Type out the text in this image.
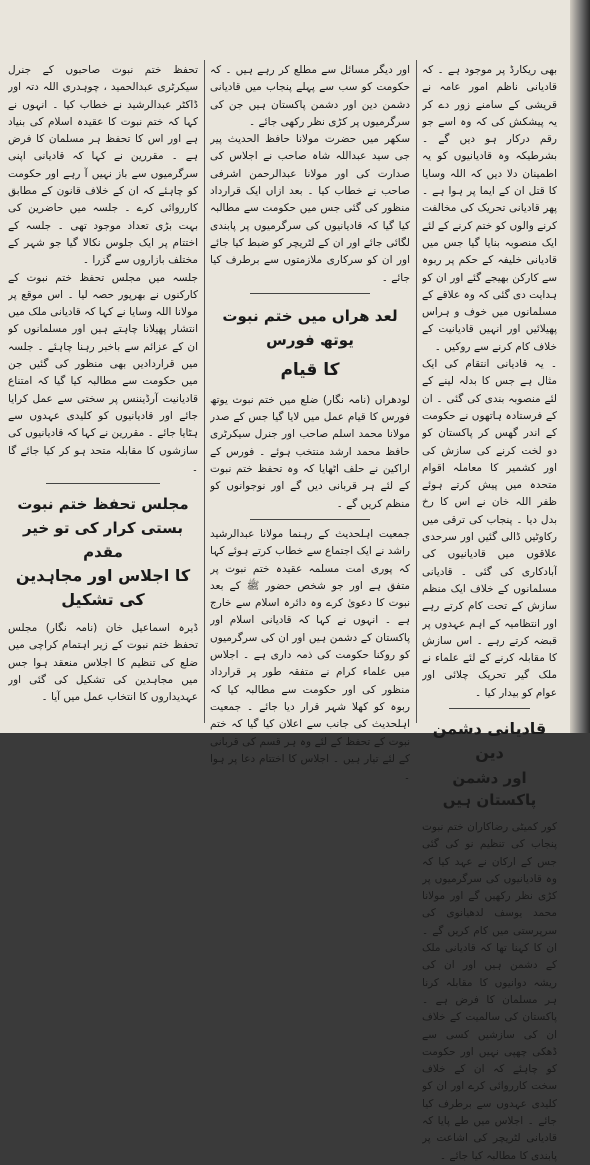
بھی ریکارڈ پر موجود ہے ۔ کہ قادیانی ناظم امور عامہ نے قریشی کے سامنے زور دے کر یہ پیشکش کی کہ وہ اسے جو رقم درکار ہو دیں گے ۔ بشرطیکہ وہ قادیانیوں کو یہ اطمینان دلا دیں کہ اللہ وسایا کا قتل ان کے ایما پر ہوا ہے ۔ پھر قادیانی تحریک کی مخالفت کرنے والوں کو ختم کرنے کے لئے ایک منصوبہ بنایا گیا جس میں قادیانی خلیفہ کے حکم پر ربوہ سے کارکن بھیجے گئے اور ان کو ہدایت دی گئی کہ وہ علاقے کے مسلمانوں میں خوف و ہراس پھیلائیں اور انہیں قادیانیت کے خلاف کام کرنے سے روکیں ۔

۔ یہ قادیانی انتقام کی ایک مثال ہے جس کا بدلہ لینے کے لئے منصوبہ بندی کی گئی ۔ ان کے فرستادہ ہاتھوں نے حکومت کے اندر گھس کر پاکستان کو دو لخت کرنے کی سازش کی اور کشمیر کا معاملہ اقوام متحدہ میں پیش کرتے ہوئے ظفر اللہ خان نے اس کا رخ بدل دیا ۔ پنجاب کی ترقی میں رکاوٹیں ڈالی گئیں اور سرحدی علاقوں میں قادیانیوں کی آبادکاری کی گئی ۔ قادیانی مسلمانوں کے خلاف ایک منظم سازش کے تحت کام کرتے رہے اور انتظامیہ کے اہم عہدوں پر قبضہ کرتے رہے ۔ اس سازش کا مقابلہ کرنے کے لئے علماء نے ملک گیر تحریک چلائی اور عوام کو بیدار کیا ۔

قادیانی دشمن دین
اور دشمن پاکستان ہیں

کور کمیٹی رضاکاران ختم نبوت پنجاب کی تنظیم نو کی گئی جس کے ارکان نے عہد کیا کہ وہ قادیانیوں کی سرگرمیوں پر کڑی نظر رکھیں گے اور مولانا محمد یوسف لدھیانوی کی سرپرستی میں کام کریں گے ۔ ان کا کہنا تھا کہ قادیانی ملک کے دشمن ہیں اور ان کی ریشہ دوانیوں کا مقابلہ کرنا ہر مسلمان کا فرض ہے ۔ پاکستان کی سالمیت کے خلاف ان کی سازشیں کسی سے ڈھکی چھپی نہیں اور حکومت کو چاہئے کہ ان کے خلاف سخت کارروائی کرے اور ان کو کلیدی عہدوں سے برطرف کیا جائے ۔ اجلاس میں طے پایا کہ قادیانی لٹریچر کی اشاعت پر پابندی کا مطالبہ کیا جائے ۔

اور دیگر مسائل سے مطلع کر رہے ہیں ۔ کہ حکومت کو سب سے پہلے پنجاب میں قادیانی دشمن دین اور دشمن پاکستان ہیں جن کی سرگرمیوں پر کڑی نظر رکھی جائے ۔

سکھر میں حضرت مولانا حافظ الحدیث پیر جی سید عبداللہ شاہ صاحب نے اجلاس کی صدارت کی اور مولانا عبدالرحمن اشرفی صاحب نے خطاب کیا ۔ بعد ازاں ایک قرارداد منظور کی گئی جس میں حکومت سے مطالبہ کیا گیا کہ قادیانیوں کی سرگرمیوں پر پابندی لگائی جائے اور ان کے لٹریچر کو ضبط کیا جائے اور ان کو سرکاری ملازمتوں سے برطرف کیا جائے ۔

لعد ھراں میں ختم نبوت یوتھ فورس
کا قیام

لودھراں (نامہ نگار) ضلع میں ختم نبوت یوتھ فورس کا قیام عمل میں لایا گیا جس کے صدر مولانا محمد اسلم صاحب اور جنرل سیکرٹری حافظ محمد ارشد منتخب ہوئے ۔ فورس کے اراکین نے حلف اٹھایا کہ وہ تحفظ ختم نبوت کے لئے ہر قربانی دیں گے اور نوجوانوں کو منظم کریں گے ۔

جمعیت اہلحدیث کے رہنما مولانا عبدالرشید راشد نے ایک اجتماع سے خطاب کرتے ہوئے کہا کہ پوری امت مسلمہ عقیدہ ختم نبوت پر متفق ہے اور جو شخص حضور ﷺ کے بعد نبوت کا دعویٰ کرے وہ دائرہ اسلام سے خارج ہے ۔ انہوں نے کہا کہ قادیانی اسلام اور پاکستان کے دشمن ہیں اور ان کی سرگرمیوں کو روکنا حکومت کی ذمہ داری ہے ۔ اجلاس میں علماء کرام نے متفقہ طور پر قرارداد منظور کی اور حکومت سے مطالبہ کیا کہ ربوہ کو کھلا شہر قرار دیا جائے ۔ جمعیت اہلحدیث کی جانب سے اعلان کیا گیا کہ ختم نبوت کے تحفظ کے لئے وہ ہر قسم کی قربانی کے لئے تیار ہیں ۔ اجلاس کا اختتام دعا پر ہوا ۔

تحفظ ختم نبوت صاحبوں کے جنرل سیکرٹری عبدالحمید ، چوہدری اللہ دتہ اور ڈاکٹر عبدالرشید نے خطاب کیا ۔ انہوں نے کہا کہ ختم نبوت کا عقیدہ اسلام کی بنیاد ہے اور اس کا تحفظ ہر مسلمان کا فرض ہے ۔ مقررین نے کہا کہ قادیانی اپنی سرگرمیوں سے باز نہیں آ رہے اور حکومت کو چاہئے کہ ان کے خلاف قانون کے مطابق کارروائی کرے ۔ جلسہ میں حاضرین کی بہت بڑی تعداد موجود تھی ۔ جلسہ کے اختتام پر ایک جلوس نکالا گیا جو شہر کے مختلف بازاروں سے گزرا ۔

جلسہ میں مجلس تحفظ ختم نبوت کے کارکنوں نے بھرپور حصہ لیا ۔ اس موقع پر مولانا اللہ وسایا نے کہا کہ قادیانی ملک میں انتشار پھیلانا چاہتے ہیں اور مسلمانوں کو ان کے عزائم سے باخبر رہنا چاہئے ۔ جلسہ میں قراردادیں بھی منظور کی گئیں جن میں حکومت سے مطالبہ کیا گیا کہ امتناع قادیانیت آرڈیننس پر سختی سے عمل کرایا جائے اور قادیانیوں کو کلیدی عہدوں سے ہٹایا جائے ۔ مقررین نے کہا کہ قادیانیوں کی سازشوں کا مقابلہ متحد ہو کر کیا جائے گا ۔

مجلس تحفظ ختم نبوت بستی کرار کی تو خیر مقدم
کا اجلاس اور مجاہدین کی تشکیل

ڈیرہ اسماعیل خان (نامہ نگار) مجلس تحفظ ختم نبوت کے زیر اہتمام کراچی میں ضلع کی تنظیم کا اجلاس منعقد ہوا جس میں مجاہدین کی تشکیل کی گئی اور عہدیداروں کا انتخاب عمل میں آیا ۔
